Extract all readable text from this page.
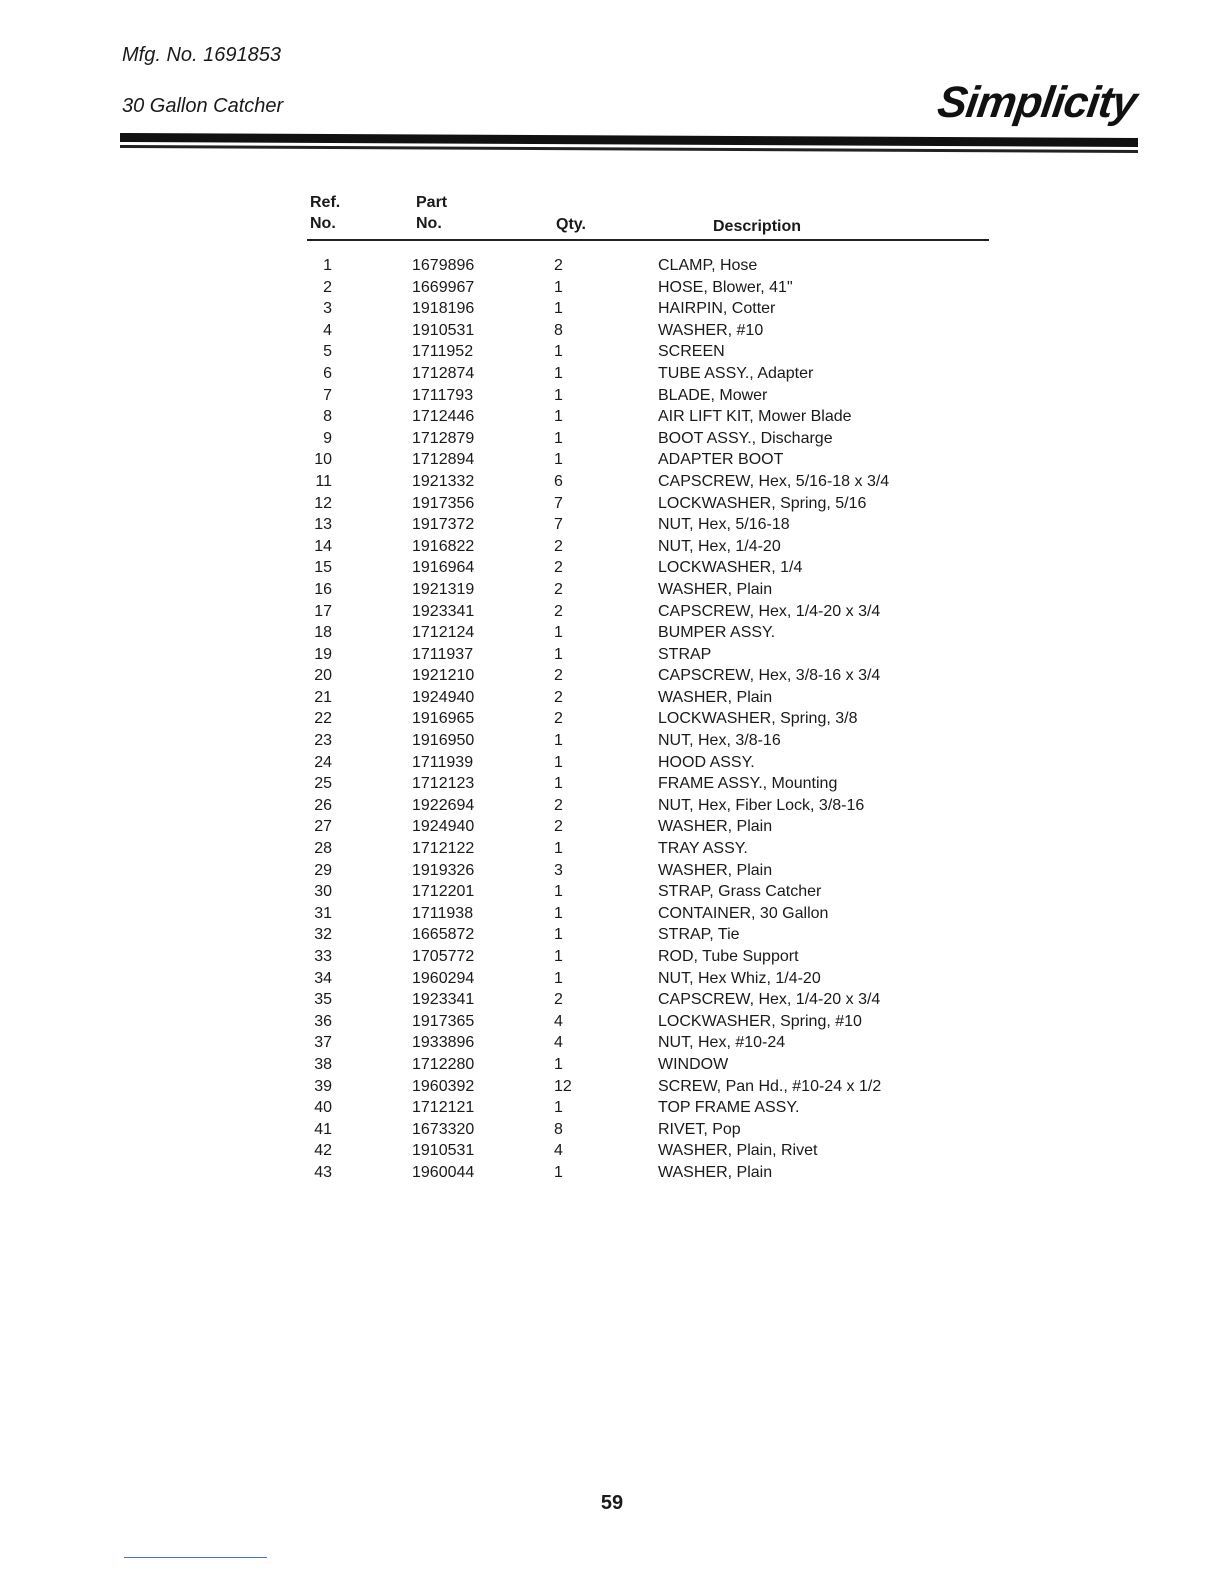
Mfg. No. 1691853
30 Gallon Catcher	Simplicity
Ref.
No.
Part
No.	Qty.	Description
1	1679896	2	CLAMP, Hose
2	1669967	1	HOSE, Blower, 41"
3	1918196	1	HAIRPIN, Cotter
4	1910531	8	WASHER, #10
5	1711952	1	SCREEN
6	1712874	1	TUBE ASSY., Adapter
7	1711793	1	BLADE, Mower
8	1712446	1	AIR LIFT KIT, Mower Blade
9	1712879	1	BOOT ASSY., Discharge
10	1712894	1	ADAPTER BOOT
11	1921332	6	CAPSCREW, Hex, 5/16-18 x 3/4
12	1917356	7	LOCKWASHER, Spring, 5/16
13	1917372	7	NUT, Hex, 5/16-18
14	1916822	2	NUT, Hex, 1/4-20
15	1916964	2	LOCKWASHER, 1/4
16	1921319	2	WASHER, Plain
17	1923341	2	CAPSCREW, Hex, 1/4-20 x 3/4
18	1712124	1	BUMPER ASSY.
19	1711937	1	STRAP
20	1921210	2	CAPSCREW, Hex, 3/8-16 x 3/4
21	1924940	2	WASHER, Plain
22	1916965	2	LOCKWASHER, Spring, 3/8
23	1916950	1	NUT, Hex, 3/8-16
24	1711939	1	HOOD ASSY.
25	1712123	1	FRAME ASSY., Mounting
26	1922694	2	NUT, Hex, Fiber Lock, 3/8-16
27	1924940	2	WASHER, Plain
28	1712122	1	TRAY ASSY.
29	1919326	3	WASHER, Plain
30	1712201	1	STRAP, Grass Catcher
31	1711938	1	CONTAINER, 30 Gallon
32	1665872	1	STRAP, Tie
33	1705772	1	ROD, Tube Support
34	1960294	1	NUT, Hex Whiz, 1/4-20
35	1923341	2	CAPSCREW, Hex, 1/4-20 x 3/4
36	1917365	4	LOCKWASHER, Spring, #10
37	1933896	4	NUT, Hex, #10-24
38	1712280	1	WINDOW
39	1960392	12	SCREW, Pan Hd., #10-24 x 1/2
40	1712121	1	TOP FRAME ASSY.
41	1673320	8	RIVET, Pop
42	1910531	4	WASHER, Plain, Rivet
43	1960044	1	WASHER, Plain
59
